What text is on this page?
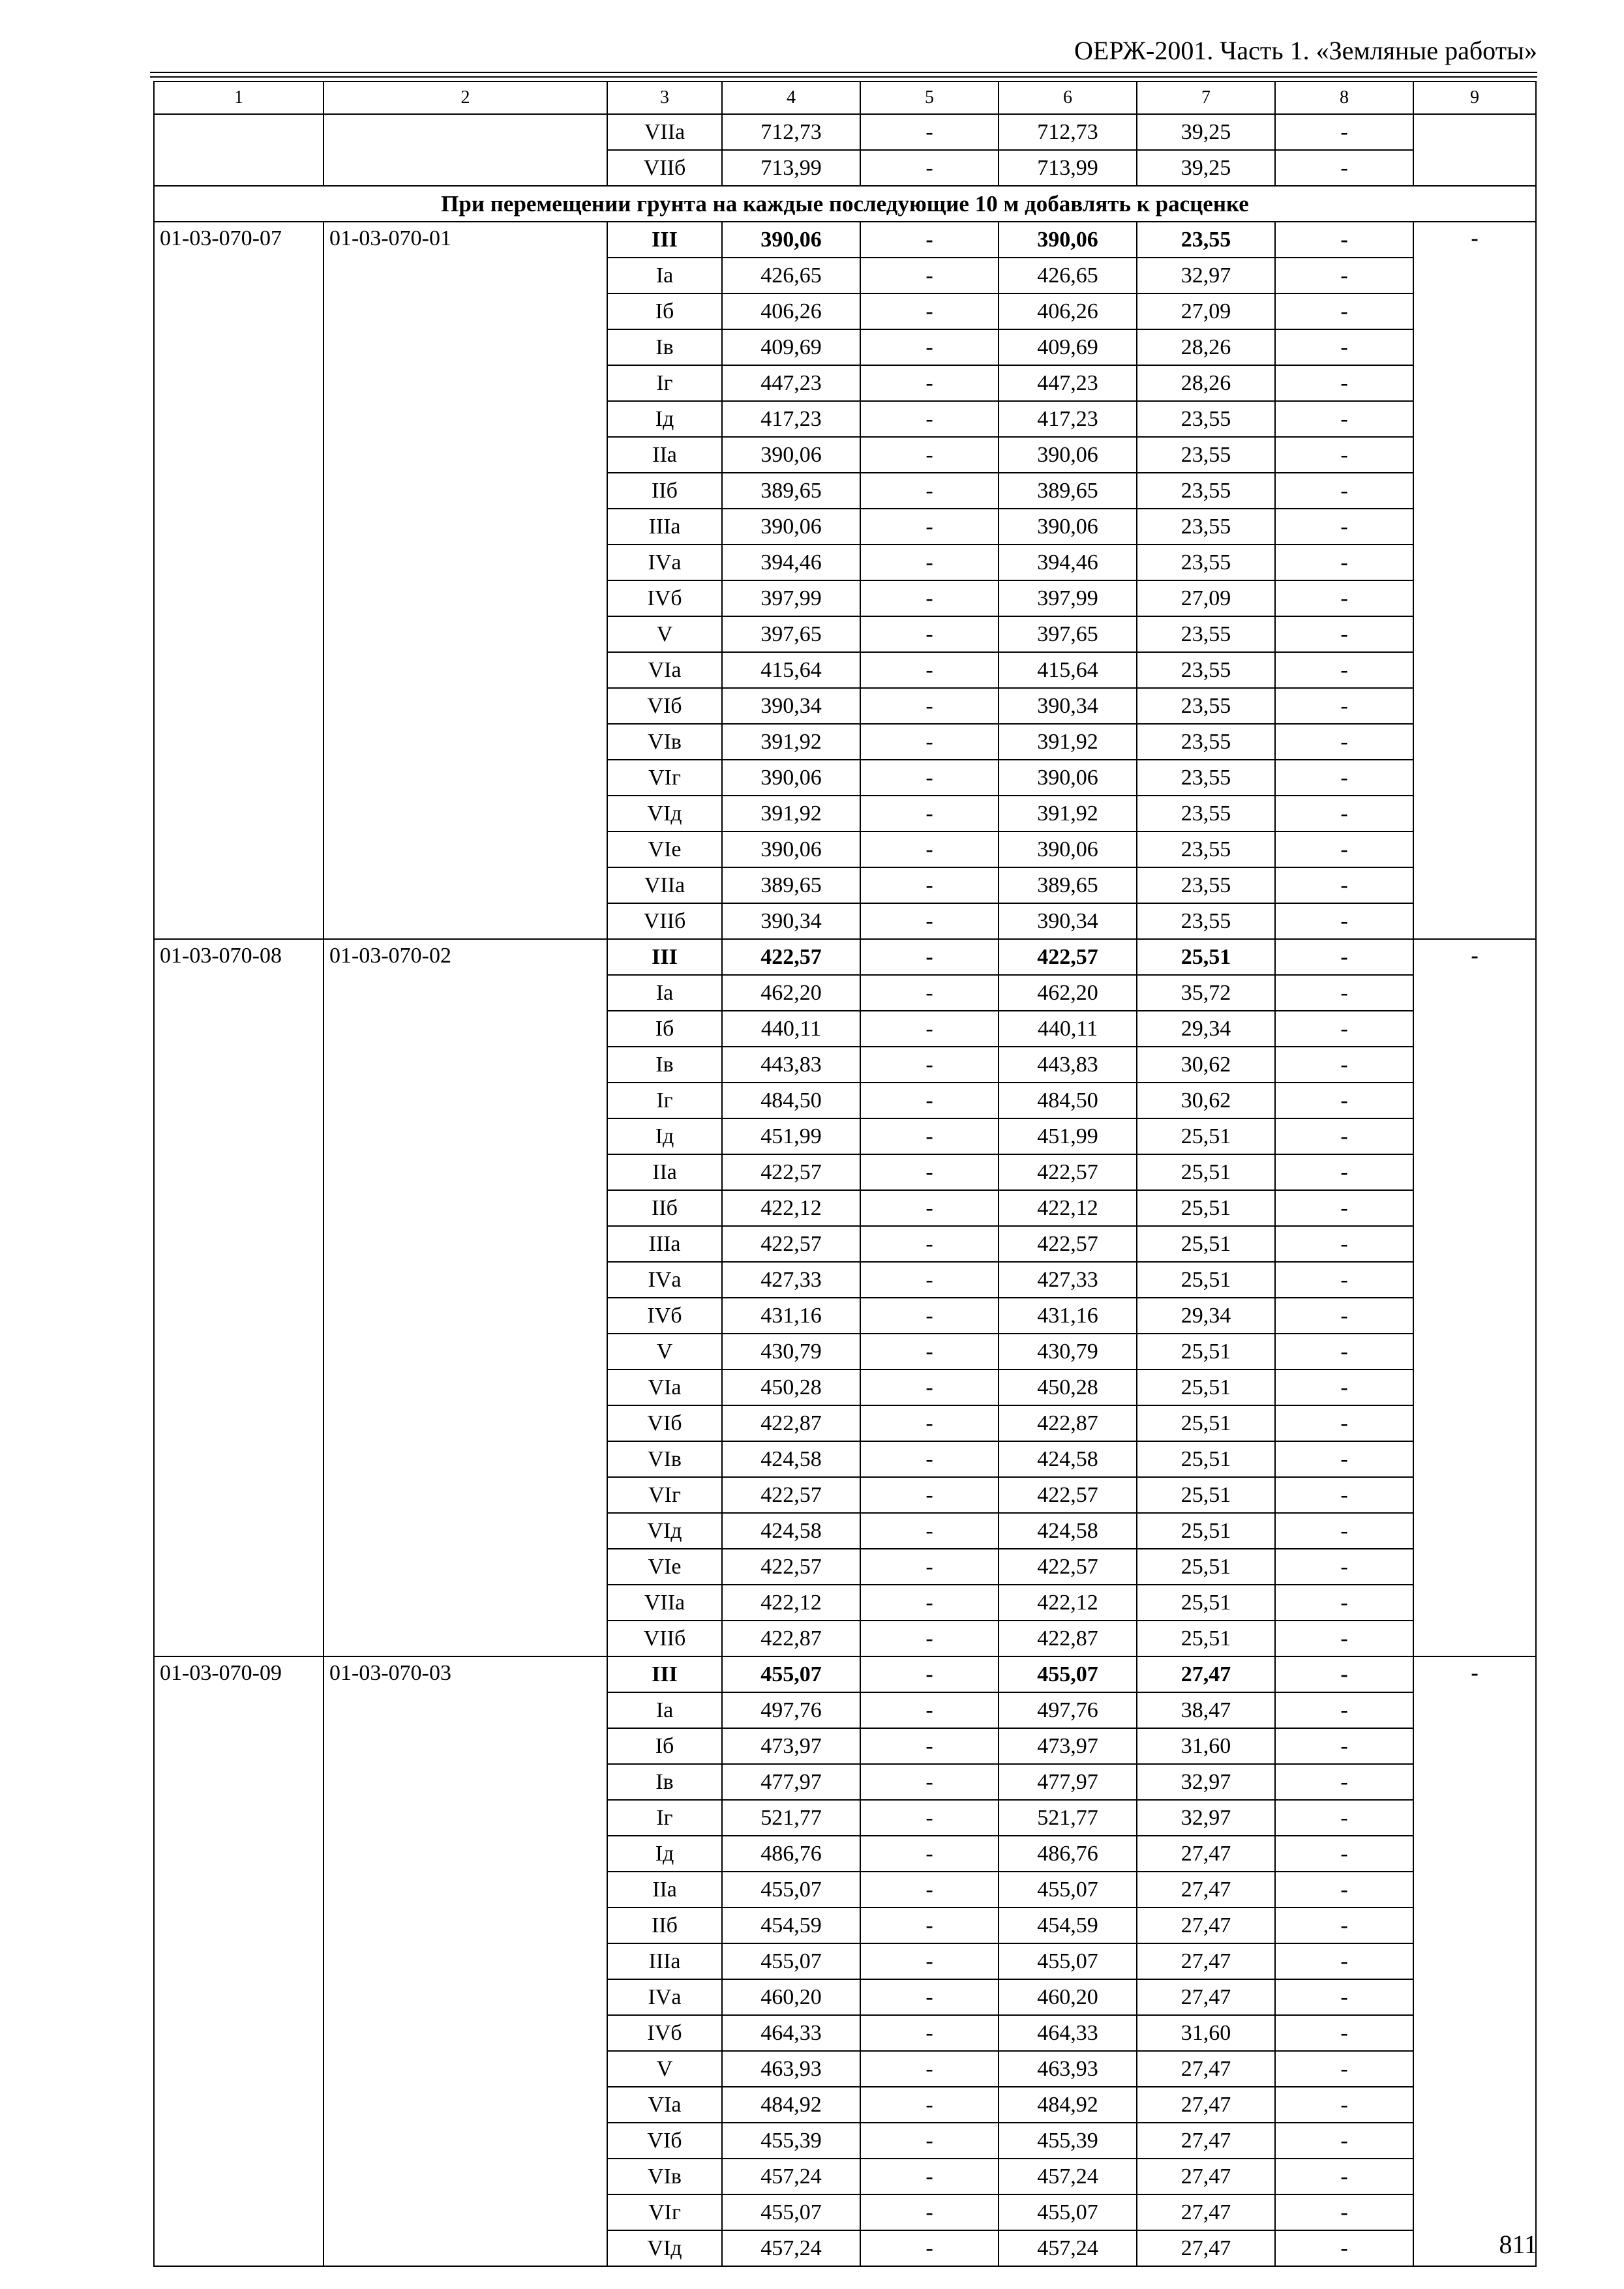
ОЕРЖ-2001. Часть 1. «Земляные работы»
1	2	3	4	5	6	7	8	9
		VIIа	712,73	-	712,73	39,25	-	
		VIIб	713,99	-	713,99	39,25	-	
При перемещении грунта на каждые последующие 10 м добавлять к расценке								
01-03-070-07	01-03-070-01	III	390,06	-	390,06	23,55	-	-
		Iа	426,65	-	426,65	32,97	-	
		Iб	406,26	-	406,26	27,09	-	
		Iв	409,69	-	409,69	28,26	-	
		Iг	447,23	-	447,23	28,26	-	
		Iд	417,23	-	417,23	23,55	-	
		IIа	390,06	-	390,06	23,55	-	
		IIб	389,65	-	389,65	23,55	-	
		IIIа	390,06	-	390,06	23,55	-	
		IVа	394,46	-	394,46	23,55	-	
		IVб	397,99	-	397,99	27,09	-	
		V	397,65	-	397,65	23,55	-	
		VIа	415,64	-	415,64	23,55	-	
		VIб	390,34	-	390,34	23,55	-	
		VIв	391,92	-	391,92	23,55	-	
		VIг	390,06	-	390,06	23,55	-	
		VIд	391,92	-	391,92	23,55	-	
		VIе	390,06	-	390,06	23,55	-	
		VIIа	389,65	-	389,65	23,55	-	
		VIIб	390,34	-	390,34	23,55	-	
01-03-070-08	01-03-070-02	III	422,57	-	422,57	25,51	-	-
		Iа	462,20	-	462,20	35,72	-	
		Iб	440,11	-	440,11	29,34	-	
		Iв	443,83	-	443,83	30,62	-	
		Iг	484,50	-	484,50	30,62	-	
		Iд	451,99	-	451,99	25,51	-	
		IIа	422,57	-	422,57	25,51	-	
		IIб	422,12	-	422,12	25,51	-	
		IIIа	422,57	-	422,57	25,51	-	
		IVа	427,33	-	427,33	25,51	-	
		IVб	431,16	-	431,16	29,34	-	
		V	430,79	-	430,79	25,51	-	
		VIа	450,28	-	450,28	25,51	-	
		VIб	422,87	-	422,87	25,51	-	
		VIв	424,58	-	424,58	25,51	-	
		VIг	422,57	-	422,57	25,51	-	
		VIд	424,58	-	424,58	25,51	-	
		VIе	422,57	-	422,57	25,51	-	
		VIIа	422,12	-	422,12	25,51	-	
		VIIб	422,87	-	422,87	25,51	-	
01-03-070-09	01-03-070-03	III	455,07	-	455,07	27,47	-	-
		Iа	497,76	-	497,76	38,47	-	
		Iб	473,97	-	473,97	31,60	-	
		Iв	477,97	-	477,97	32,97	-	
		Iг	521,77	-	521,77	32,97	-	
		Iд	486,76	-	486,76	27,47	-	
		IIа	455,07	-	455,07	27,47	-	
		IIб	454,59	-	454,59	27,47	-	
		IIIа	455,07	-	455,07	27,47	-	
		IVа	460,20	-	460,20	27,47	-	
		IVб	464,33	-	464,33	31,60	-	
		V	463,93	-	463,93	27,47	-	
		VIа	484,92	-	484,92	27,47	-	
		VIб	455,39	-	455,39	27,47	-	
		VIв	457,24	-	457,24	27,47	-	
		VIг	455,07	-	455,07	27,47	-	
		VIд	457,24	-	457,24	27,47	-		811
